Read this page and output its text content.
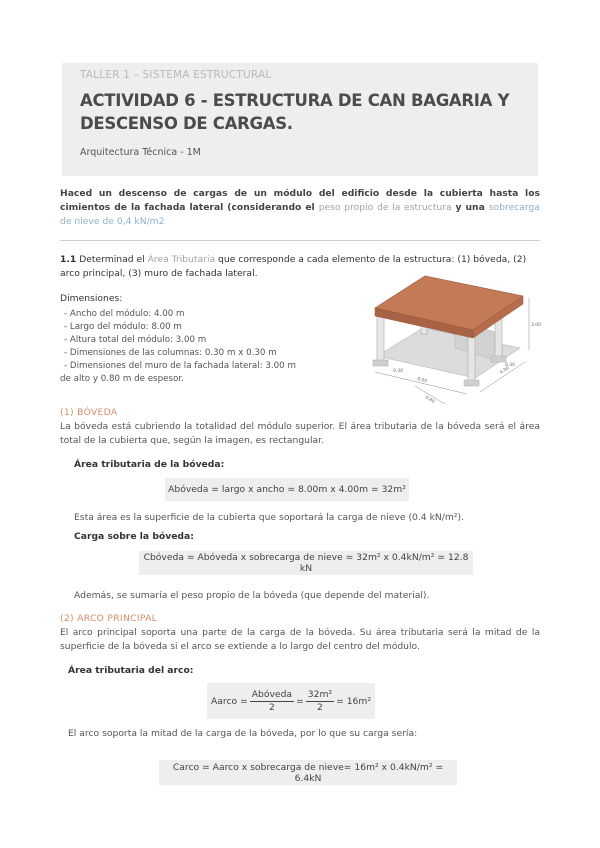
TALLER 1 – SISTEMA ESTRUCTURAL
ACTIVIDAD 6 - ESTRUCTURA DE CAN BAGARIA Y DESCENSO DE CARGAS.
Arquitectura Técnica - 1M
Haced un descenso de cargas de un módulo del edificio desde la cubierta hasta los cimientos de la fachada lateral (considerando el peso propio de la estructura y una sobrecarga de nieve de 0,4 kN/m2
1.1 Determinad el Área Tributaria que corresponde a cada elemento de la estructura: (1) bóveda, (2) arco principal, (3) muro de fachada lateral.
Dimensiones:
- Ancho del módulo: 4.00 m
- Largo del módulo: 8.00 m
- Altura total del módulo: 3.00 m
- Dimensiones de las columnas: 0.30 m x 0.30 m
- Dimensiones del muro de la fachada lateral: 3.00 m
de alto y 0.80 m de espesor.
4.00
8.00
3.00
0.30
0.30
0.80
(1) BÓVEDA
La bóveda está cubriendo la totalidad del módulo superior. El área tributaria de la bóveda será el área total de la cubierta que, según la imagen, es rectangular.
Área tributaria de la bóveda:
Abóveda = largo x ancho = 8.00m x 4.00m = 32m²
Esta área es la superficie de la cubierta que soportará la carga de nieve (0.4 kN/m²).
Carga sobre la bóveda:
Cbóveda = Abóveda x sobrecarga de nieve = 32m² x 0.4kN/m² = 12.8 kN
Además, se sumaría el peso propio de la bóveda (que depende del material).
(2) ARCO PRINCIPAL
El arco principal soporta una parte de la carga de la bóveda. Su área tributaria será la mitad de la superficie de la bóveda si el arco se extiende a lo largo del centro del módulo.
Área tributaria del arco:
Aarco = $\frac{\text{Abóveda}}{2} = \frac{\text{32m²}}{2} = 16m^2$
El arco soporta la mitad de la carga de la bóveda, por lo que su carga sería:
Carco = Aarco x sobrecarga de nieve= 16m² x 0.4kN/m² = 6.4kN
